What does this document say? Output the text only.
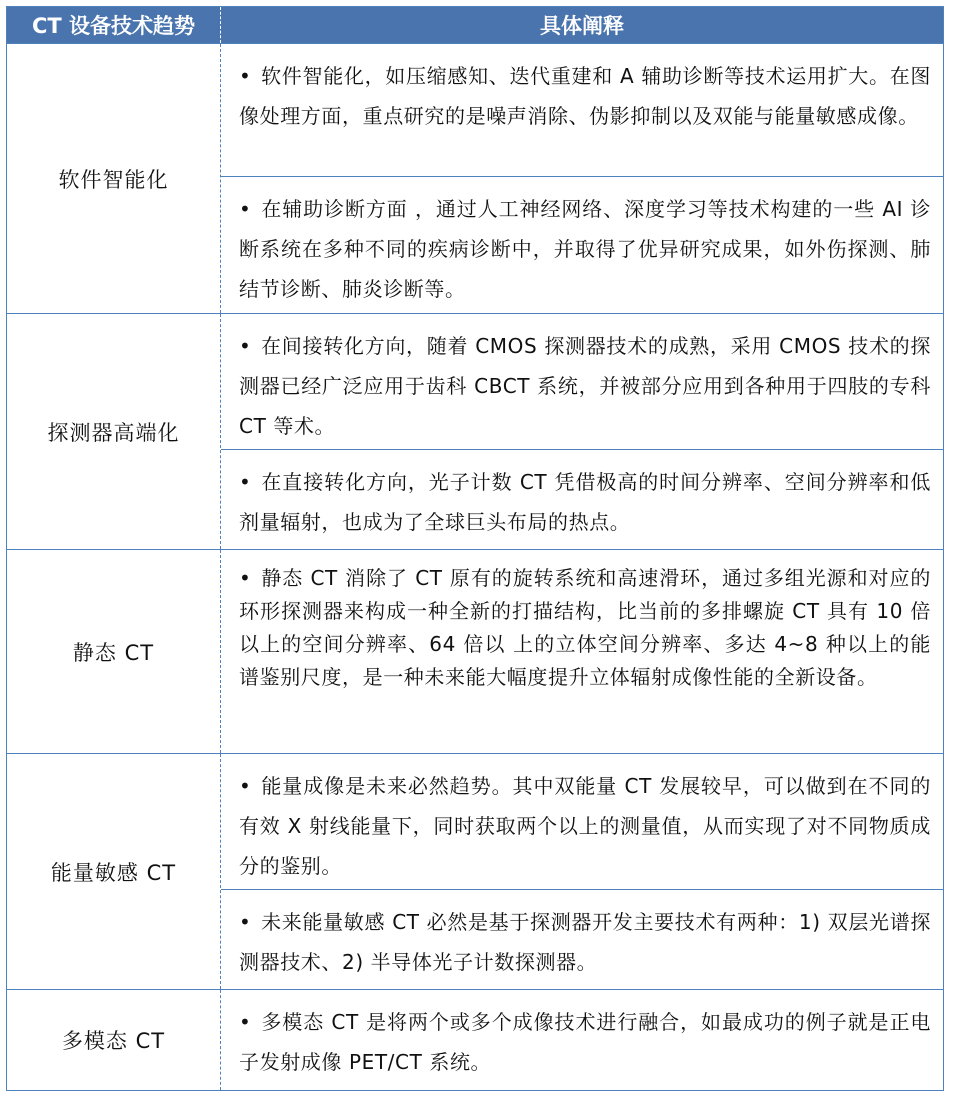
CT 设备技术趋势	具体阐释
软件智能化
• 软件智能化，如压缩感知、迭代重建和 A 辅助诊断等技术运用扩大。在图像处理方面，重点研究的是噪声消除、伪影抑制以及双能与能量敏感成像。
• 在辅助诊断方面 ，通过人工神经网络、深度学习等技术构建的一些 AI 诊断系统在多种不同的疾病诊断中，并取得了优异研究成果，如外伤探测、肺结节诊断、肺炎诊断等。
探测器高端化
• 在间接转化方向，随着 CMOS 探测器技术的成熟，采用 CMOS 技术的探测器已经广泛应用于齿科 CBCT 系统，并被部分应用到各种用于四肢的专科 CT 等术。
• 在直接转化方向，光子计数 CT 凭借极高的时间分辨率、空间分辨率和低剂量辐射，也成为了全球巨头布局的热点。
静态 CT
• 静态 CT 消除了 CT 原有的旋转系统和高速滑环，通过多组光源和对应的环形探测器来构成一种全新的打描结构，比当前的多排螺旋 CT 具有 10 倍以上的空间分辨率、64 倍以 上的立体空间分辨率、多达 4~8 种以上的能谱鉴别尺度，是一种未来能大幅度提升立体辐射成像性能的全新设备。
能量敏感 CT
• 能量成像是未来必然趋势。其中双能量 CT 发展较早，可以做到在不同的有效 X 射线能量下，同时获取两个以上的测量值，从而实现了对不同物质成分的鉴别。
• 未来能量敏感 CT 必然是基于探测器开发主要技术有两种：1) 双层光谱探测器技术、2) 半导体光子计数探测器。
多模态 CT
• 多模态 CT 是将两个或多个成像技术进行融合，如最成功的例子就是正电子发射成像 PET/CT 系统。
